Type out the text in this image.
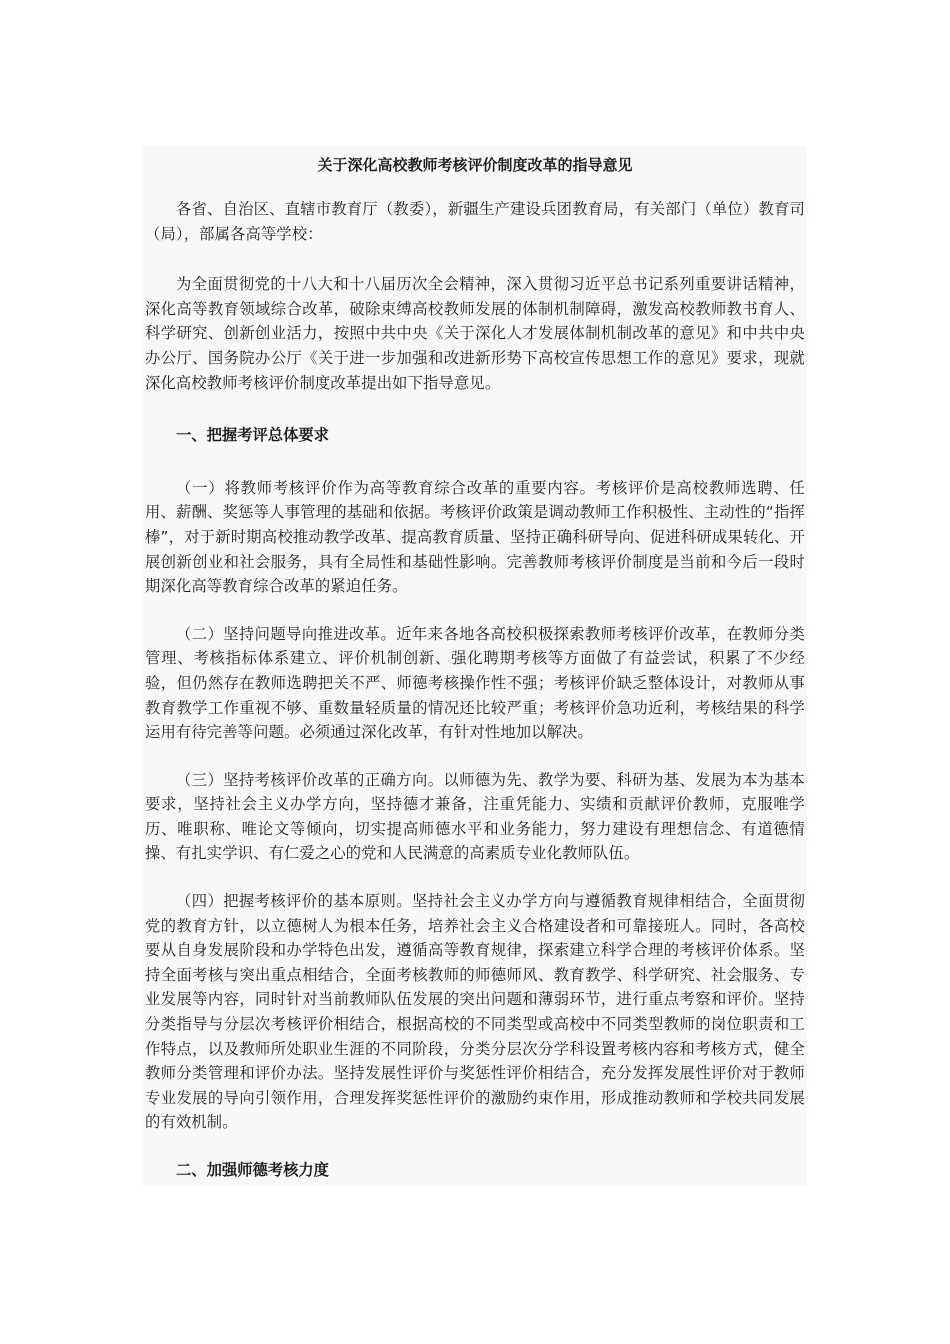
关于深化高校教师考核评价制度改革的指导意见

各省、自治区、直辖市教育厅（教委），新疆生产建设兵团教育局，有关部门（单位）教育司（局），部属各高等学校：

为全面贯彻党的十八大和十八届历次全会精神，深入贯彻习近平总书记系列重要讲话精神，深化高等教育领域综合改革，破除束缚高校教师发展的体制机制障碍，激发高校教师教书育人、科学研究、创新创业活力，按照中共中央《关于深化人才发展体制机制改革的意见》和中共中央办公厅、国务院办公厅《关于进一步加强和改进新形势下高校宣传思想工作的意见》要求，现就深化高校教师考核评价制度改革提出如下指导意见。

一、把握考评总体要求

（一）将教师考核评价作为高等教育综合改革的重要内容。考核评价是高校教师选聘、任用、薪酬、奖惩等人事管理的基础和依据。考核评价政策是调动教师工作积极性、主动性的“指挥棒”，对于新时期高校推动教学改革、提高教育质量、坚持正确科研导向、促进科研成果转化、开展创新创业和社会服务，具有全局性和基础性影响。完善教师考核评价制度是当前和今后一段时期深化高等教育综合改革的紧迫任务。

（二）坚持问题导向推进改革。近年来各地各高校积极探索教师考核评价改革，在教师分类管理、考核指标体系建立、评价机制创新、强化聘期考核等方面做了有益尝试，积累了不少经验，但仍然存在教师选聘把关不严、师德考核操作性不强；考核评价缺乏整体设计，对教师从事教育教学工作重视不够、重数量轻质量的情况还比较严重；考核评价急功近利，考核结果的科学运用有待完善等问题。必须通过深化改革，有针对性地加以解决。

（三）坚持考核评价改革的正确方向。以师德为先、教学为要、科研为基、发展为本为基本要求，坚持社会主义办学方向，坚持德才兼备，注重凭能力、实绩和贡献评价教师，克服唯学历、唯职称、唯论文等倾向，切实提高师德水平和业务能力，努力建设有理想信念、有道德情操、有扎实学识、有仁爱之心的党和人民满意的高素质专业化教师队伍。

（四）把握考核评价的基本原则。坚持社会主义办学方向与遵循教育规律相结合，全面贯彻党的教育方针，以立德树人为根本任务，培养社会主义合格建设者和可靠接班人。同时，各高校要从自身发展阶段和办学特色出发，遵循高等教育规律，探索建立科学合理的考核评价体系。坚持全面考核与突出重点相结合，全面考核教师的师德师风、教育教学、科学研究、社会服务、专业发展等内容，同时针对当前教师队伍发展的突出问题和薄弱环节，进行重点考察和评价。坚持分类指导与分层次考核评价相结合，根据高校的不同类型或高校中不同类型教师的岗位职责和工作特点，以及教师所处职业生涯的不同阶段，分类分层次分学科设置考核内容和考核方式，健全教师分类管理和评价办法。坚持发展性评价与奖惩性评价相结合，充分发挥发展性评价对于教师专业发展的导向引领作用，合理发挥奖惩性评价的激励约束作用，形成推动教师和学校共同发展的有效机制。

二、加强师德考核力度
